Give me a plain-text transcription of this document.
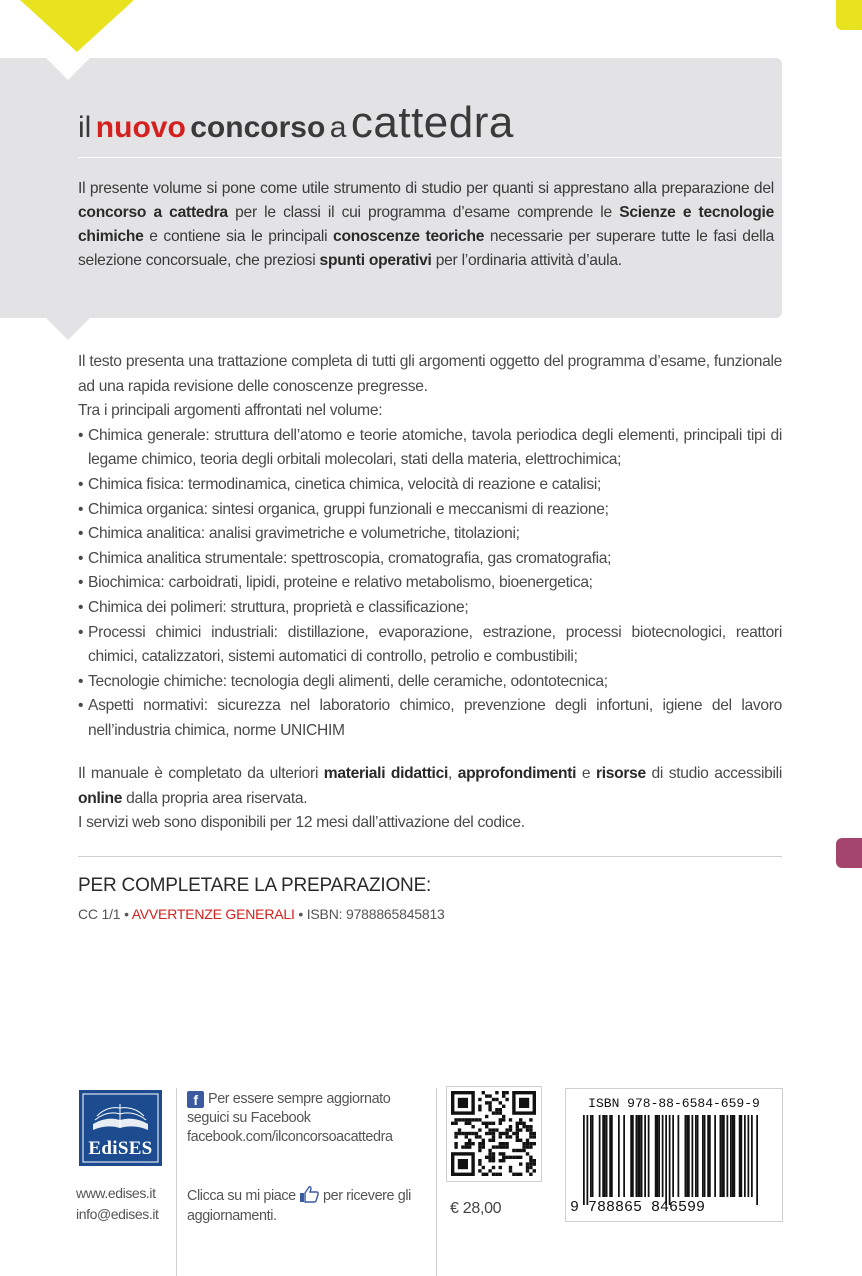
il nuovo concorso a cattedra
Il presente volume si pone come utile strumento di studio per quanti si apprestano alla preparazione del concorso a cattedra per le classi il cui programma d’esame comprende le Scienze e tecnologie chimiche e contiene sia le principali conoscenze teoriche necessarie per superare tutte le fasi della selezione concorsuale, che preziosi spunti operativi per l’ordinaria attività d’aula.

Il testo presenta una trattazione completa di tutti gli argomenti oggetto del programma d’esame, funzionale ad una rapida revisione delle conoscenze pregresse.

Tra i principali argomenti affrontati nel volume:

• Chimica generale: struttura dell’atomo e teorie atomiche, tavola periodica degli elementi, principali tipi di legame chimico, teoria degli orbitali molecolari, stati della materia, elettrochimica;
• Chimica fisica: termodinamica, cinetica chimica, velocità di reazione e catalisi;
• Chimica organica: sintesi organica, gruppi funzionali e meccanismi di reazione;
• Chimica analitica: analisi gravimetriche e volumetriche, titolazioni;
• Chimica analitica strumentale: spettroscopia, cromatografia, gas cromatografia;
• Biochimica: carboidrati, lipidi, proteine e relativo metabolismo, bioenergetica;
• Chimica dei polimeri: struttura, proprietà e classificazione;
• Processi chimici industriali: distillazione, evaporazione, estrazione, processi biotecnologici, reattori chimici, catalizzatori, sistemi automatici di controllo, petrolio e combustibili;
• Tecnologie chimiche: tecnologia degli alimenti, delle ceramiche, odontotecnica;
• Aspetti normativi: sicurezza nel laboratorio chimico, prevenzione degli infortuni, igiene del lavoro nell’industria chimica, norme UNICHIM

Il manuale è completato da ulteriori materiali didattici, approfondimenti e risorse di studio accessibili online dalla propria area riservata.

I servizi web sono disponibili per 12 mesi dall’attivazione del codice.

PER COMPLETARE LA PREPARAZIONE:
CC 1/1 • AVVERTENZE GENERALI • ISBN: 9788865845813
EdiSES
www.edises.it
info@edises.it
f Per essere sempre aggiornato
seguici su Facebook
facebook.com/ilconcorsoacattedra
Clicca su mi piace per ricevere gli aggiornamenti.	€ 28,00
ISBN 978-88-6584-659-9
9 788865 846599
